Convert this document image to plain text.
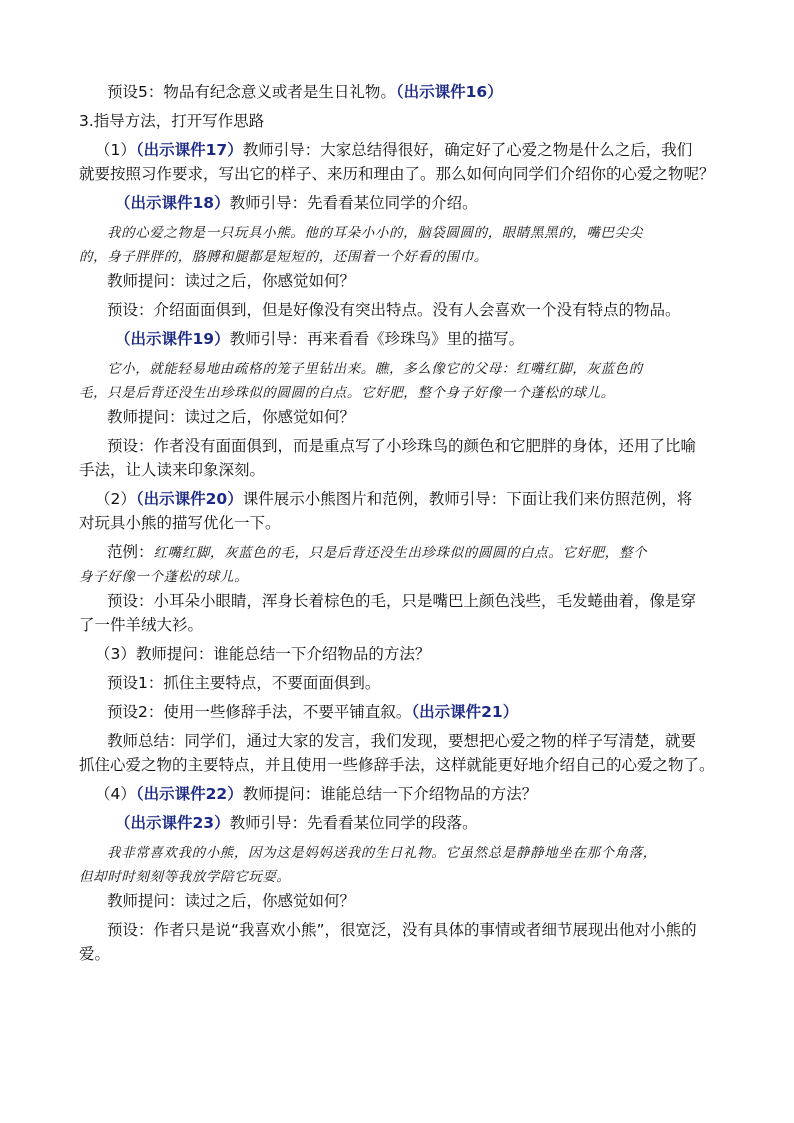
预设5：物品有纪念意义或者是生日礼物。（出示课件16）

3.指导方法，打开写作思路

（1）（出示课件17）教师引导：大家总结得很好，确定好了心爱之物是什么之后，我们

就要按照习作要求，写出它的样子、来历和理由了。那么如何向同学们介绍你的心爱之物呢？

（出示课件18）教师引导：先看看某位同学的介绍。

我的心爱之物是一只玩具小熊。他的耳朵小小的，脑袋圆圆的，眼睛黑黑的，嘴巴尖尖

的，身子胖胖的，胳膊和腿都是短短的，还围着一个好看的围巾。

教师提问：读过之后，你感觉如何？

预设：介绍面面俱到，但是好像没有突出特点。没有人会喜欢一个没有特点的物品。

（出示课件19）教师引导：再来看看《珍珠鸟》里的描写。

它小，就能轻易地由疏格的笼子里钻出来。瞧，多么像它的父母：红嘴红脚，灰蓝色的

毛，只是后背还没生出珍珠似的圆圆的白点。它好肥，整个身子好像一个蓬松的球儿。

教师提问：读过之后，你感觉如何？

预设：作者没有面面俱到，而是重点写了小珍珠鸟的颜色和它肥胖的身体，还用了比喻

手法，让人读来印象深刻。

（2）（出示课件20）课件展示小熊图片和范例，教师引导：下面让我们来仿照范例，将

对玩具小熊的描写优化一下。

范例：红嘴红脚，灰蓝色的毛，只是后背还没生出珍珠似的圆圆的白点。它好肥，整个

身子好像一个蓬松的球儿。

预设：小耳朵小眼睛，浑身长着棕色的毛，只是嘴巴上颜色浅些，毛发蜷曲着，像是穿

了一件羊绒大衫。

（3）教师提问：谁能总结一下介绍物品的方法？

预设1：抓住主要特点，不要面面俱到。

预设2：使用一些修辞手法，不要平铺直叙。（出示课件21）

教师总结：同学们，通过大家的发言，我们发现，要想把心爱之物的样子写清楚，就要

抓住心爱之物的主要特点，并且使用一些修辞手法，这样就能更好地介绍自己的心爱之物了。

（4）（出示课件22）教师提问：谁能总结一下介绍物品的方法？

（出示课件23）教师引导：先看看某位同学的段落。

我非常喜欢我的小熊，因为这是妈妈送我的生日礼物。它虽然总是静静地坐在那个角落，

但却时时刻刻等我放学陪它玩耍。

教师提问：读过之后，你感觉如何？

预设：作者只是说“我喜欢小熊”，很宽泛，没有具体的事情或者细节展现出他对小熊的

爱。
